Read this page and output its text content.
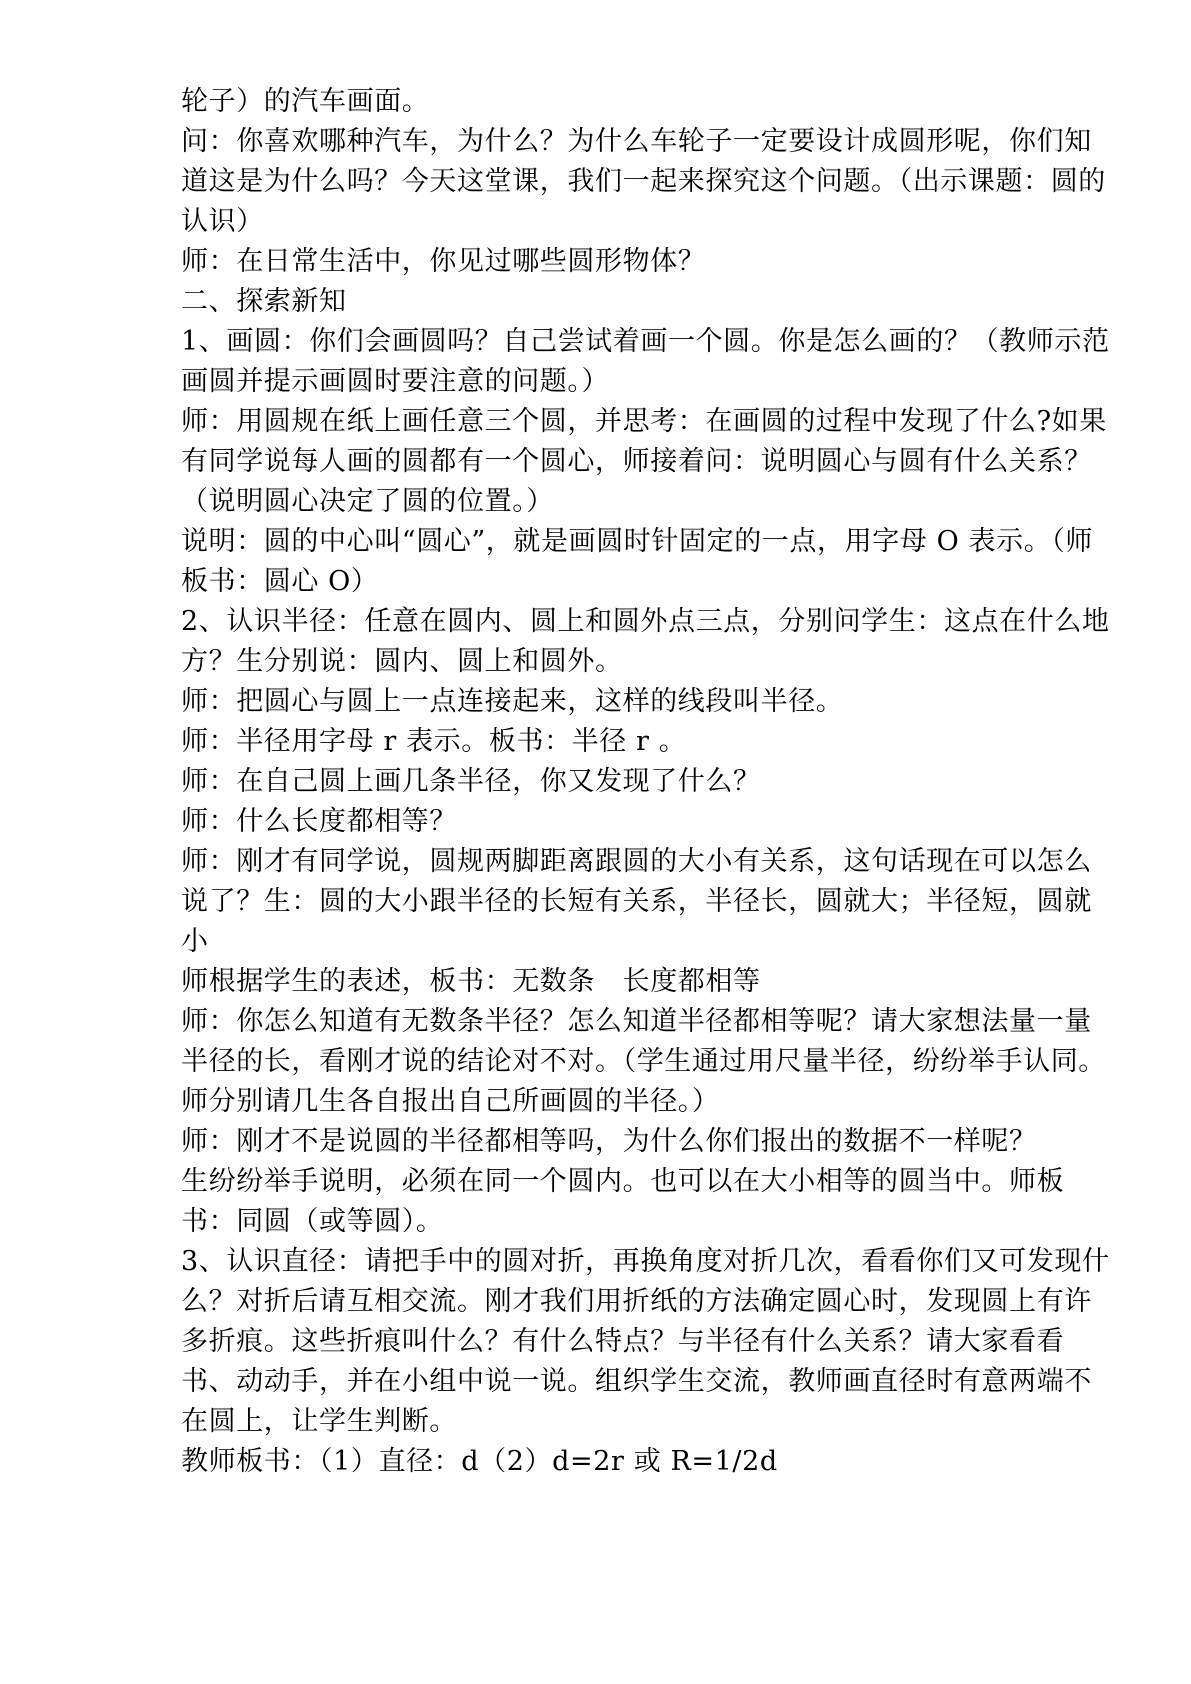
轮子）的汽车画面。

问：你喜欢哪种汽车，为什么？为什么车轮子一定要设计成圆形呢，你们知道这是为什么吗？今天这堂课，我们一起来探究这个问题。（出示课题：圆的认识）

师：在日常生活中，你见过哪些圆形物体？

二、探索新知

1、画圆：你们会画圆吗？自己尝试着画一个圆。你是怎么画的？（教师示范画圆并提示画圆时要注意的问题。）

师：用圆规在纸上画任意三个圆，并思考：在画圆的过程中发现了什么?如果有同学说每人画的圆都有一个圆心，师接着问：说明圆心与圆有什么关系？（说明圆心决定了圆的位置。）

说明：圆的中心叫“圆心”，就是画圆时针固定的一点，用字母 O 表示。（师板书：圆心 O）

2、认识半径：任意在圆内、圆上和圆外点三点，分别问学生：这点在什么地方？生分别说：圆内、圆上和圆外。

师：把圆心与圆上一点连接起来，这样的线段叫半径。

师：半径用字母 r 表示。板书：半径 r 。

师：在自己圆上画几条半径，你又发现了什么？

师：什么长度都相等？

师：刚才有同学说，圆规两脚距离跟圆的大小有关系，这句话现在可以怎么说了？生：圆的大小跟半径的长短有关系，半径长，圆就大；半径短，圆就小

师根据学生的表述，板书：无数条　长度都相等

师：你怎么知道有无数条半径？怎么知道半径都相等呢？请大家想法量一量半径的长，看刚才说的结论对不对。（学生通过用尺量半径，纷纷举手认同。师分别请几生各自报出自己所画圆的半径。）

师：刚才不是说圆的半径都相等吗，为什么你们报出的数据不一样呢？

生纷纷举手说明，必须在同一个圆内。也可以在大小相等的圆当中。师板书：同圆（或等圆）。

3、认识直径：请把手中的圆对折，再换角度对折几次，看看你们又可发现什么？对折后请互相交流。刚才我们用折纸的方法确定圆心时，发现圆上有许多折痕。这些折痕叫什么？有什么特点？与半径有什么关系？请大家看看书、动动手，并在小组中说一说。组织学生交流，教师画直径时有意两端不在圆上，让学生判断。

教师板书：（1）直径：d（2）d=2r 或 R=1/2d
